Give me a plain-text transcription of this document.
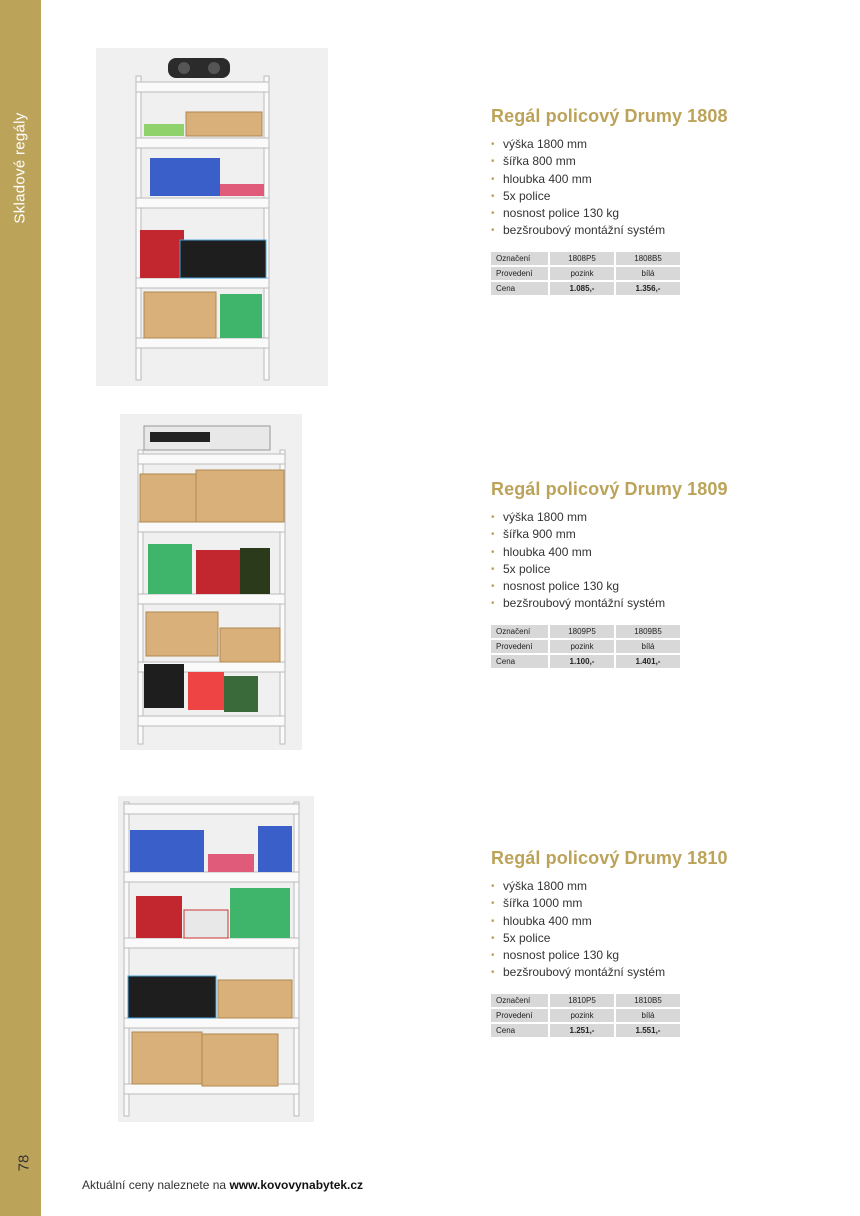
Skladové regály
78
Regál policový Drumy 1808
• výška 1800 mm
• šířka 800 mm
• hloubka 400 mm
• 5x police
• nosnost police 130 kg
• bezšroubový montážní systém
Označení	1808P5	1808B5
Provedení	pozink	bílá
Cena	1.085,-	1.356,-
Regál policový Drumy 1809
• výška 1800 mm
• šířka 900 mm
• hloubka 400 mm
• 5x police
• nosnost police 130 kg
• bezšroubový montážní systém
Označení	1809P5	1809B5
Provedení	pozink	bílá
Cena	1.100,-	1.401,-
Regál policový Drumy 1810
• výška 1800 mm
• šířka 1000 mm
• hloubka 400 mm
• 5x police
• nosnost police 130 kg
• bezšroubový montážní systém
Označení	1810P5	1810B5
Provedení	pozink	bílá
Cena	1.251,-	1.551,-
Aktuální ceny naleznete na www.kovovynabytek.cz
